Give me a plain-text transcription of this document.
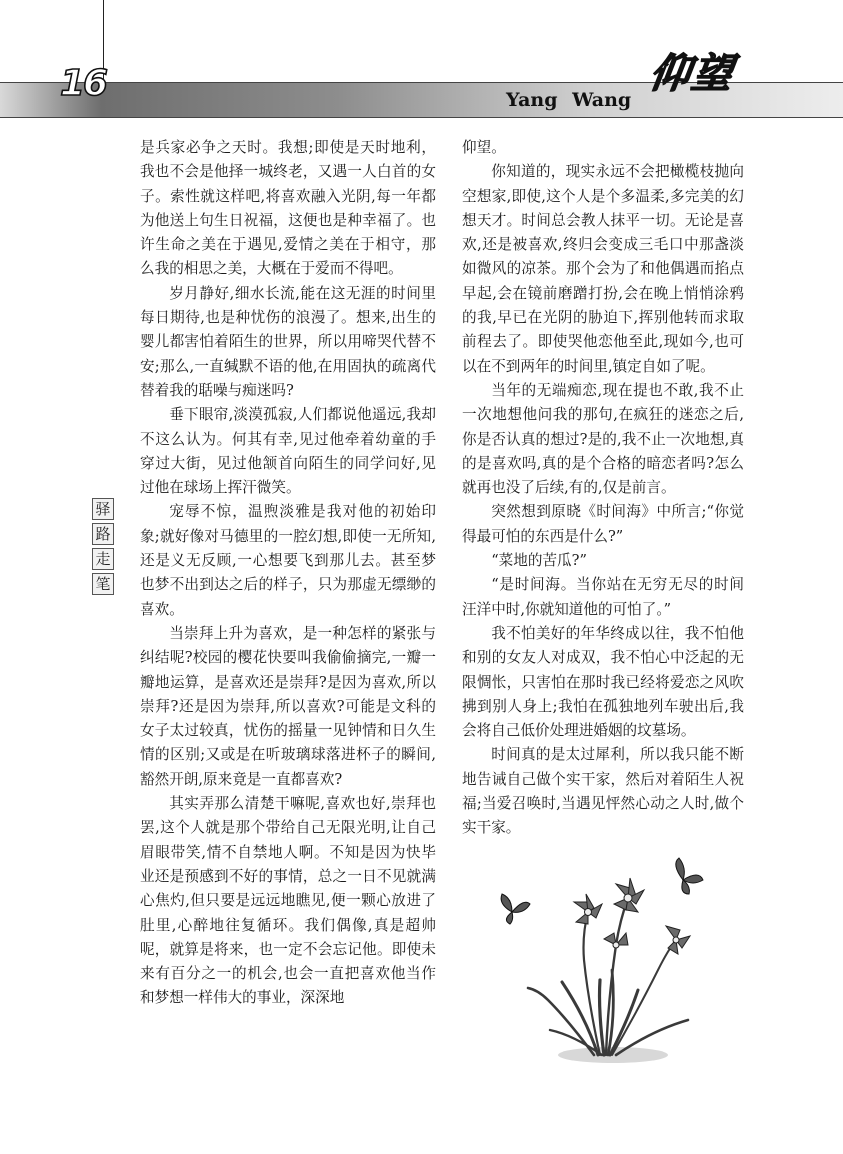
16	仰望
Yang Wang
驿
路
走
笔

是兵家必争之天时。我想;即使是天时地利，我也不会是他择一城终老，又遇一人白首的女子。索性就这样吧,将喜欢融入光阴,每一年都为他送上句生日祝福，这便也是种幸福了。也许生命之美在于遇见,爱情之美在于相守，那么我的相思之美，大概在于爱而不得吧。

岁月静好,细水长流,能在这无涯的时间里每日期待,也是种忧伤的浪漫了。想来,出生的婴儿都害怕着陌生的世界，所以用啼哭代替不安;那么,一直缄默不语的他,在用固执的疏离代替着我的聒噪与痴迷吗?

垂下眼帘,淡漠孤寂,人们都说他遥远,我却不这么认为。何其有幸,见过他牵着幼童的手穿过大街，见过他颔首向陌生的同学问好,见过他在球场上挥汗微笑。

宠辱不惊，温煦淡雅是我对他的初始印象;就好像对马德里的一腔幻想,即使一无所知,还是义无反顾,一心想要飞到那儿去。甚至梦也梦不出到达之后的样子，只为那虚无缥缈的喜欢。

当崇拜上升为喜欢，是一种怎样的紧张与纠结呢?校园的樱花快要叫我偷偷摘完,一瓣一瓣地运算，是喜欢还是崇拜?是因为喜欢,所以崇拜?还是因为崇拜,所以喜欢?可能是文科的女子太过较真，忧伤的摇量一见钟情和日久生情的区别;又或是在听玻璃球落进杯子的瞬间,豁然开朗,原来竟是一直都喜欢?

其实弄那么清楚干嘛呢,喜欢也好,崇拜也罢,这个人就是那个带给自己无限光明,让自己眉眼带笑,情不自禁地人啊。不知是因为快毕业还是预感到不好的事情，总之一日不见就满心焦灼,但只要是远远地瞧见,便一颗心放进了肚里,心醉地往复循环。我们偶像,真是超帅呢，就算是将来，也一定不会忘记他。即使未来有百分之一的机会,也会一直把喜欢他当作和梦想一样伟大的事业，深深地

仰望。

你知道的，现实永远不会把橄榄枝抛向空想家,即使,这个人是个多温柔,多完美的幻想天才。时间总会教人抹平一切。无论是喜欢,还是被喜欢,终归会变成三毛口中那盏淡如微风的凉茶。那个会为了和他偶遇而掐点早起,会在镜前磨蹭打扮,会在晚上悄悄涂鸦的我,早已在光阴的胁迫下,挥别他转而求取前程去了。即使哭他恋他至此,现如今,也可以在不到两年的时间里,镇定自如了呢。

当年的无端痴恋,现在提也不敢,我不止一次地想他问我的那句,在疯狂的迷恋之后,你是否认真的想过?是的,我不止一次地想,真的是喜欢吗,真的是个合格的暗恋者吗?怎么就再也没了后续,有的,仅是前言。

突然想到原晓《时间海》中所言;“你觉得最可怕的东西是什么?”

“菜地的苦瓜?”

“是时间海。当你站在无穷无尽的时间汪洋中时,你就知道他的可怕了。”

我不怕美好的年华终成以往，我不怕他和别的女友人对成双，我不怕心中泛起的无限惆怅，只害怕在那时我已经将爱恋之风吹拂到别人身上;我怕在孤独地列车驶出后,我会将自己低价处理进婚姻的坟墓场。

时间真的是太过犀利，所以我只能不断地告诫自己做个实干家，然后对着陌生人祝福;当爱召唤时,当遇见怦然心动之人时,做个实干家。
